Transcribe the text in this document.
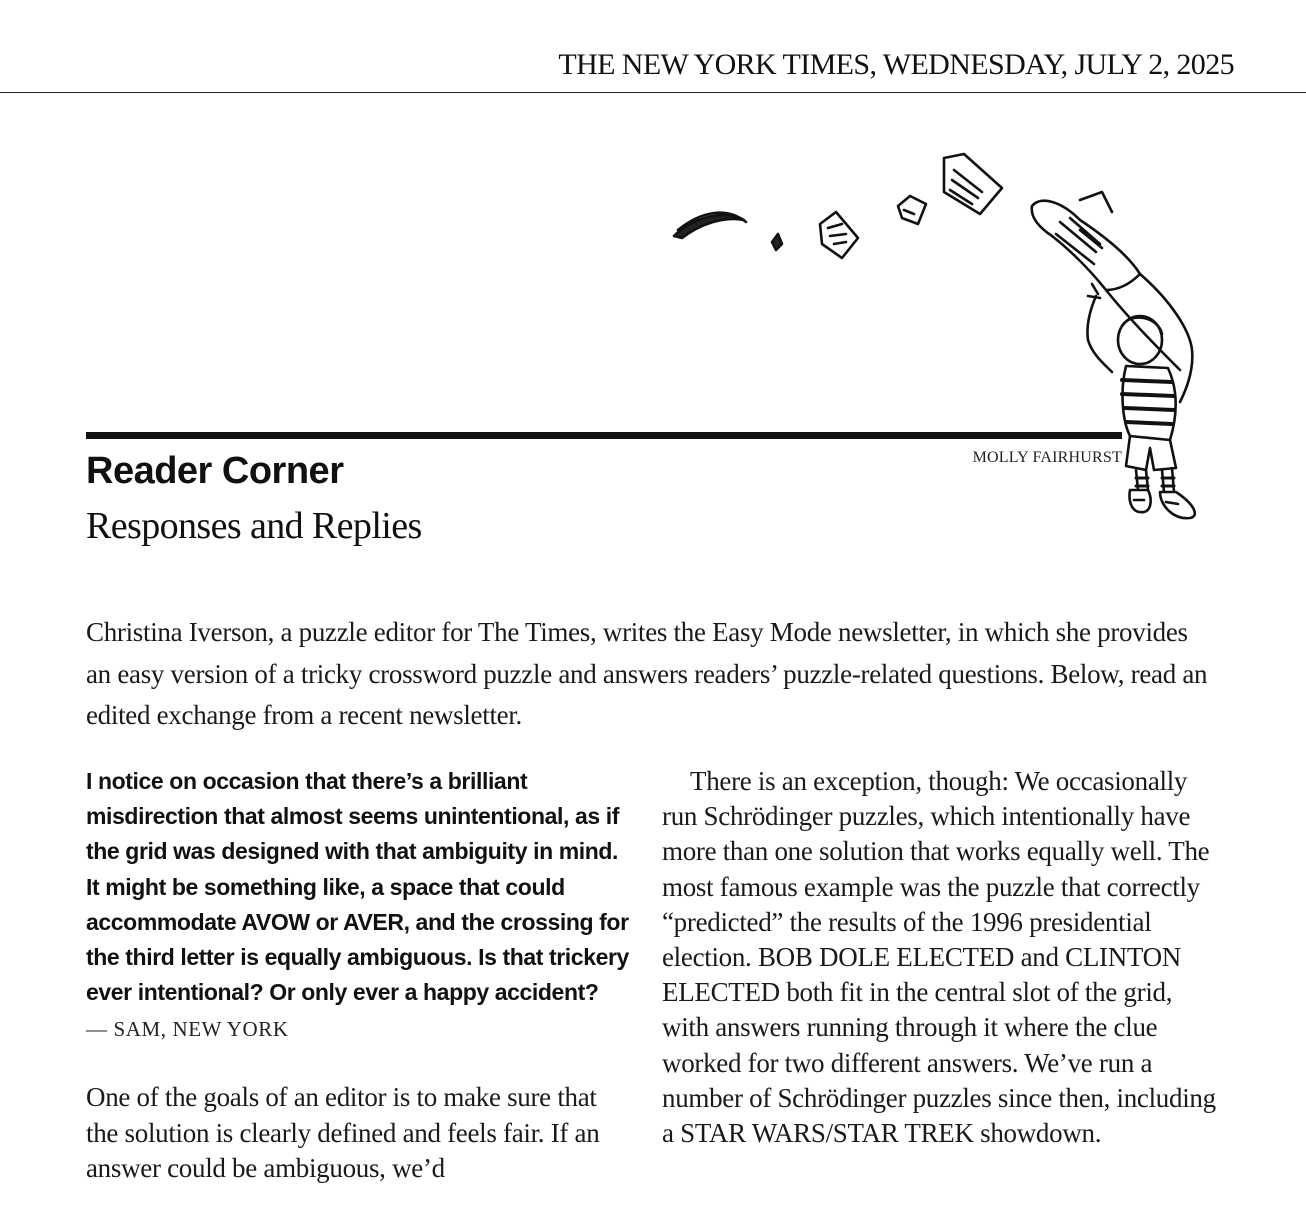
THE NEW YORK TIMES, WEDNESDAY, JULY 2, 2025
MOLLY FAIRHURST
Reader Corner
Responses and Replies
Christina Iverson, a puzzle editor for The Times, writes the Easy Mode newsletter, in which she provides an easy version of a tricky crossword puzzle and answers readers’ puzzle-related questions. Below, read an edited exchange from a recent newsletter.

I notice on occasion that there’s a brilliant misdirection that almost seems unintentional, as if the grid was designed with that ambiguity in mind. It might be something like, a space that could accommodate AVOW or AVER, and the crossing for the third letter is equally ambiguous. Is that trickery ever intentional? Or only ever a happy accident?

— SAM, NEW YORK

One of the goals of an editor is to make sure that the solution is clearly defined and feels fair. If an answer could be ambiguous, we’d

There is an exception, though: We occasionally run Schrödinger puzzles, which intentionally have more than one solution that works equally well. The most famous example was the puzzle that correctly “predicted” the results of the 1996 presidential election. BOB DOLE ELECTED and CLINTON ELECTED both fit in the central slot of the grid, with answers running through it where the clue worked for two different answers. We’ve run a number of Schrödinger puzzles since then, including a STAR WARS/STAR TREK showdown.
